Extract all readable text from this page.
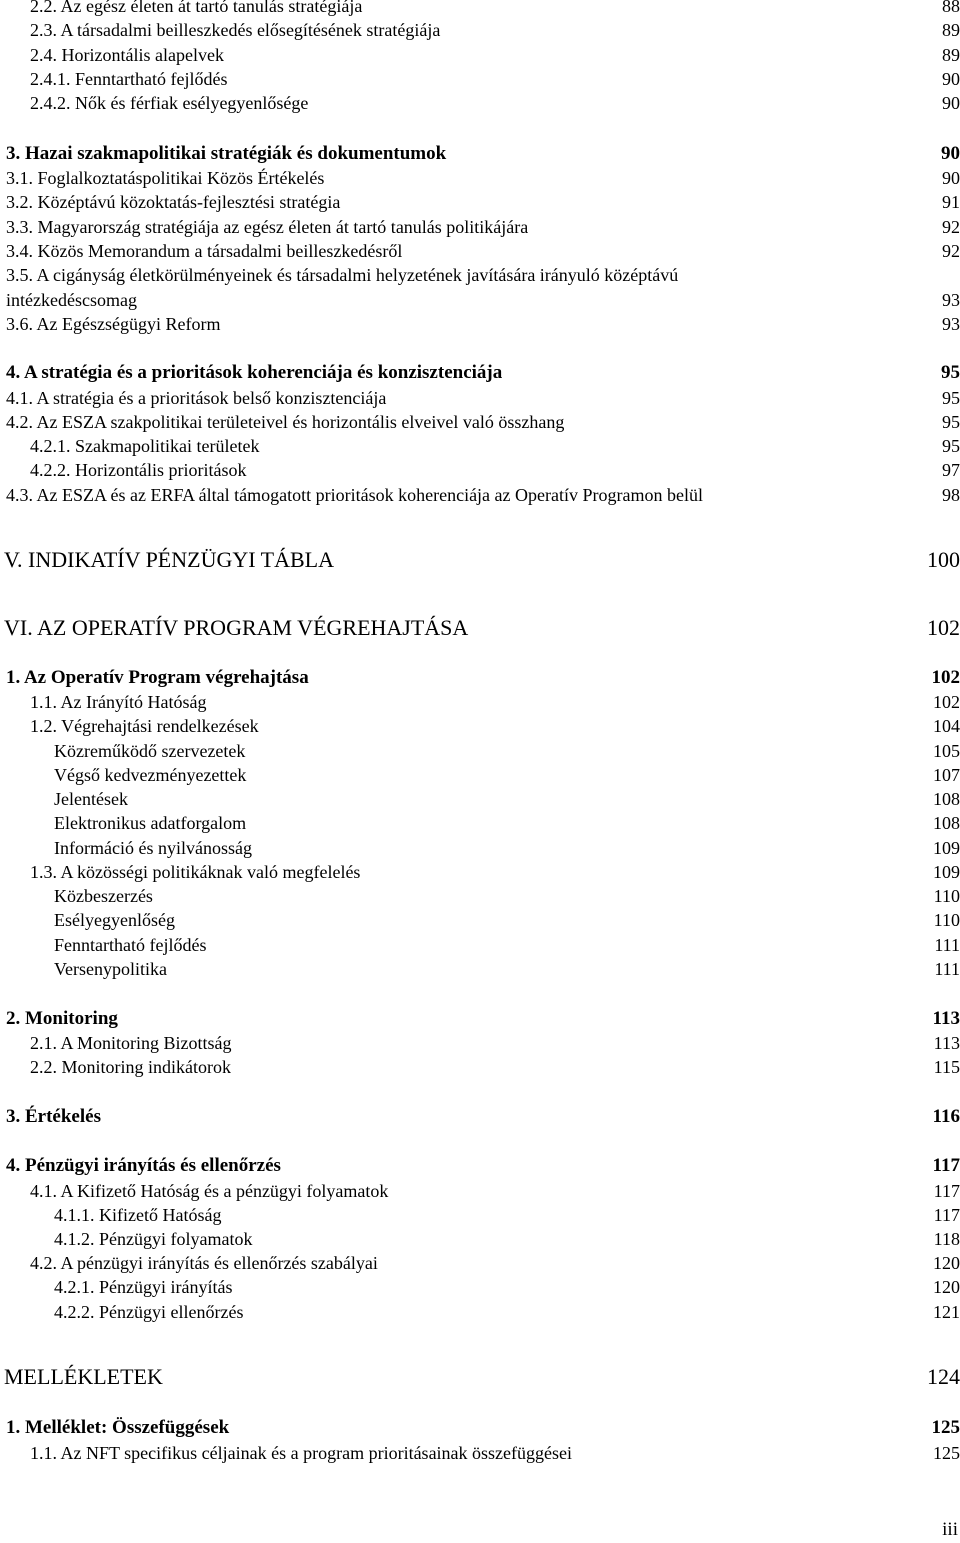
2.2. Az egész életen át tartó tanulás stratégiája	88
2.3. A társadalmi beilleszkedés elősegítésének stratégiája	89
2.4. Horizontális alapelvek	89
2.4.1. Fenntartható fejlődés	90
2.4.2. Nők és férfiak esélyegyenlősége	90
3. Hazai szakmapolitikai stratégiák és dokumentumok	90
3.1. Foglalkoztatáspolitikai Közös Értékelés	90
3.2. Középtávú közoktatás-fejlesztési stratégia	91
3.3. Magyarország stratégiája az egész életen át tartó tanulás politikájára	92
3.4. Közös Memorandum a társadalmi beilleszkedésről	92
3.5. A cigányság életkörülményeinek és társadalmi helyzetének javítására irányuló középtávú
intézkedéscsomag	93
3.6. Az Egészségügyi Reform	93
4. A stratégia és a prioritások koherenciája és konzisztenciája	95
4.1. A stratégia és a prioritások belső konzisztenciája	95
4.2. Az ESZA szakpolitikai területeivel és horizontális elveivel való összhang	95
4.2.1. Szakmapolitikai területek	95
4.2.2. Horizontális prioritások	97
4.3. Az ESZA és az ERFA által támogatott prioritások koherenciája az Operatív Programon belül	98
V. INDIKATÍV PÉNZÜGYI TÁBLA	100
VI. AZ OPERATÍV PROGRAM VÉGREHAJTÁSA	102
1. Az Operatív Program végrehajtása	102
1.1. Az Irányító Hatóság	102
1.2. Végrehajtási rendelkezések	104
Közreműködő szervezetek	105
Végső kedvezményezettek	107
Jelentések	108
Elektronikus adatforgalom	108
Információ és nyilvánosság	109
1.3. A közösségi politikáknak való megfelelés	109
Közbeszerzés	110
Esélyegyenlőség	110
Fenntartható fejlődés	111
Versenypolitika	111
2. Monitoring	113
2.1. A Monitoring Bizottság	113
2.2. Monitoring indikátorok	115
3. Értékelés	116
4. Pénzügyi irányítás és ellenőrzés	117
4.1. A Kifizető Hatóság és a pénzügyi folyamatok	117
4.1.1. Kifizető Hatóság	117
4.1.2. Pénzügyi folyamatok	118
4.2. A pénzügyi irányítás és ellenőrzés szabályai	120
4.2.1. Pénzügyi irányítás	120
4.2.2. Pénzügyi ellenőrzés	121
MELLÉKLETEK	124
1. Melléklet: Összefüggések	125
1.1. Az NFT specifikus céljainak és a program prioritásainak összefüggései	125
iii
